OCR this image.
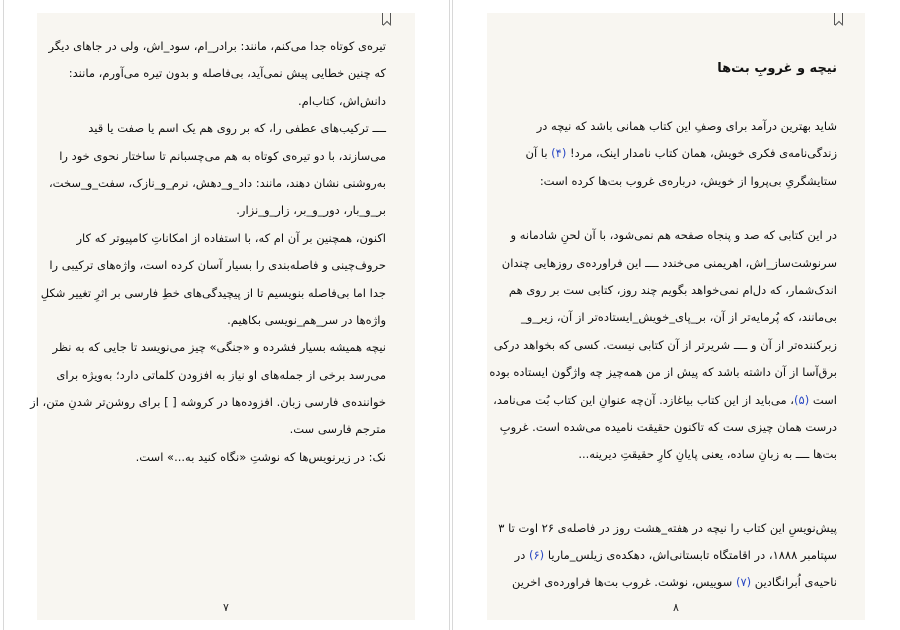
تیره‌ی کوتاه جدا می‌کنم، مانند: برادر_ام، سود_اش، ولی در جاهای دیگر
که چنین خطایی پیش نمی‌آید، بی‌فاصله و بدون تیره می‌آورم، مانند:
دانش‌اش، کتاب‌ام.
ــــ ترکیب‌های عطفی را، که بر روی هم یک اسم یا صفت یا قید
می‌سازند، با دو تیره‌ی کوتاه به هم می‌چسبانم تا ساختار نحوی خود را
به‌روشنی نشان دهند، مانند: داد_و_دهش، نرم_و_نازک، سفت_و_سخت،
بر_و_بار، دور_و_بر، زار_و_نزار.
اکنون، همچنین بر آن ام که، با استفاده از امکاناتِ کامپیوتر که کار
حروف‌چینی و فاصله‌بندی را بسیار آسان کرده است، واژه‌های ترکیبی را
جدا اما بی‌فاصله بنویسیم تا از پیچیدگی‌های خطِ فارسی بر اثرِ تغییر شکلِ
واژه‌ها در سر_هم_نویسی بکاهیم.
نیچه همیشه بسیار فشرده و «جنگی» چیز می‌نویسد تا جایی که به نظر
می‌رسد برخی از جمله‌های او نیاز به افزودن کلماتی دارد؛ به‌ویژه برای
خواننده‌ی فارسی زبان. افزوده‌ها در کروشه [ ] برای روشن‌تر شدنِ متن، از
مترجم فارسی ست.
نک: در زیرنویس‌ها که نوشتِ «نگاه کنید به...» است.
۷
نیچه و غروبِ بت‌ها
شاید بهترین درآمد برای وصفِ این کتاب همانی باشد که نیچه در
زندگی‌نامه‌ی فکری خویش، همان کتاب نامدار اینک، مرد! (۴) با آن
ستایشگریِ بی‌پروا از خویش، درباره‌ی غروب بت‌ها کرده است:
در این کتابی که صد و پنجاه صفحه هم نمی‌شود، با آن لحنِ شادمانه و
سرنوشت‌ساز_اش، اهریمنی می‌خندد ــــ این فراورده‌ی روزهایی چندان
اندک‌شمار، که دل‌ام نمی‌خواهد بگویم چند روز، کتابی ست بر روی هم
بی‌مانند، که پُرمایه‌تر از آن، بر_پای_خویش_ایستاده‌تر از آن، زیر_و_
زبرکننده‌تر از آن و ــــ شریرتر از آن کتابی نیست. کسی که بخواهد درکی
برق‌آسا از آن داشته باشد که پیش از من همه‌چیز چه واژگون ایستاده بوده
است (۵)، می‌باید از این کتاب بیاغازد. آن‌چه عنوانِ این کتاب بُت می‌نامد،
درست همان چیزی ست که تاکنون حقیقت نامیده می‌شده است. غروبِ
بت‌ها ــــ به زبانِ ساده، یعنی پایانِ کارِ حقیقتِ دیرینه...
پیش‌نویسِ این کتاب را نیچه در هفته_هشت روز در فاصله‌ی ۲۶ اوت تا ۳
سپتامبر ۱۸۸۸، در اقامتگاه تابستانی‌اش، دهکده‌ی زیلس_ماریا (۶) در
ناحیه‌ی اُبرانگادین (۷) سوییس، نوشت. غروب بت‌ها فراورده‌ی اخرین
۸
